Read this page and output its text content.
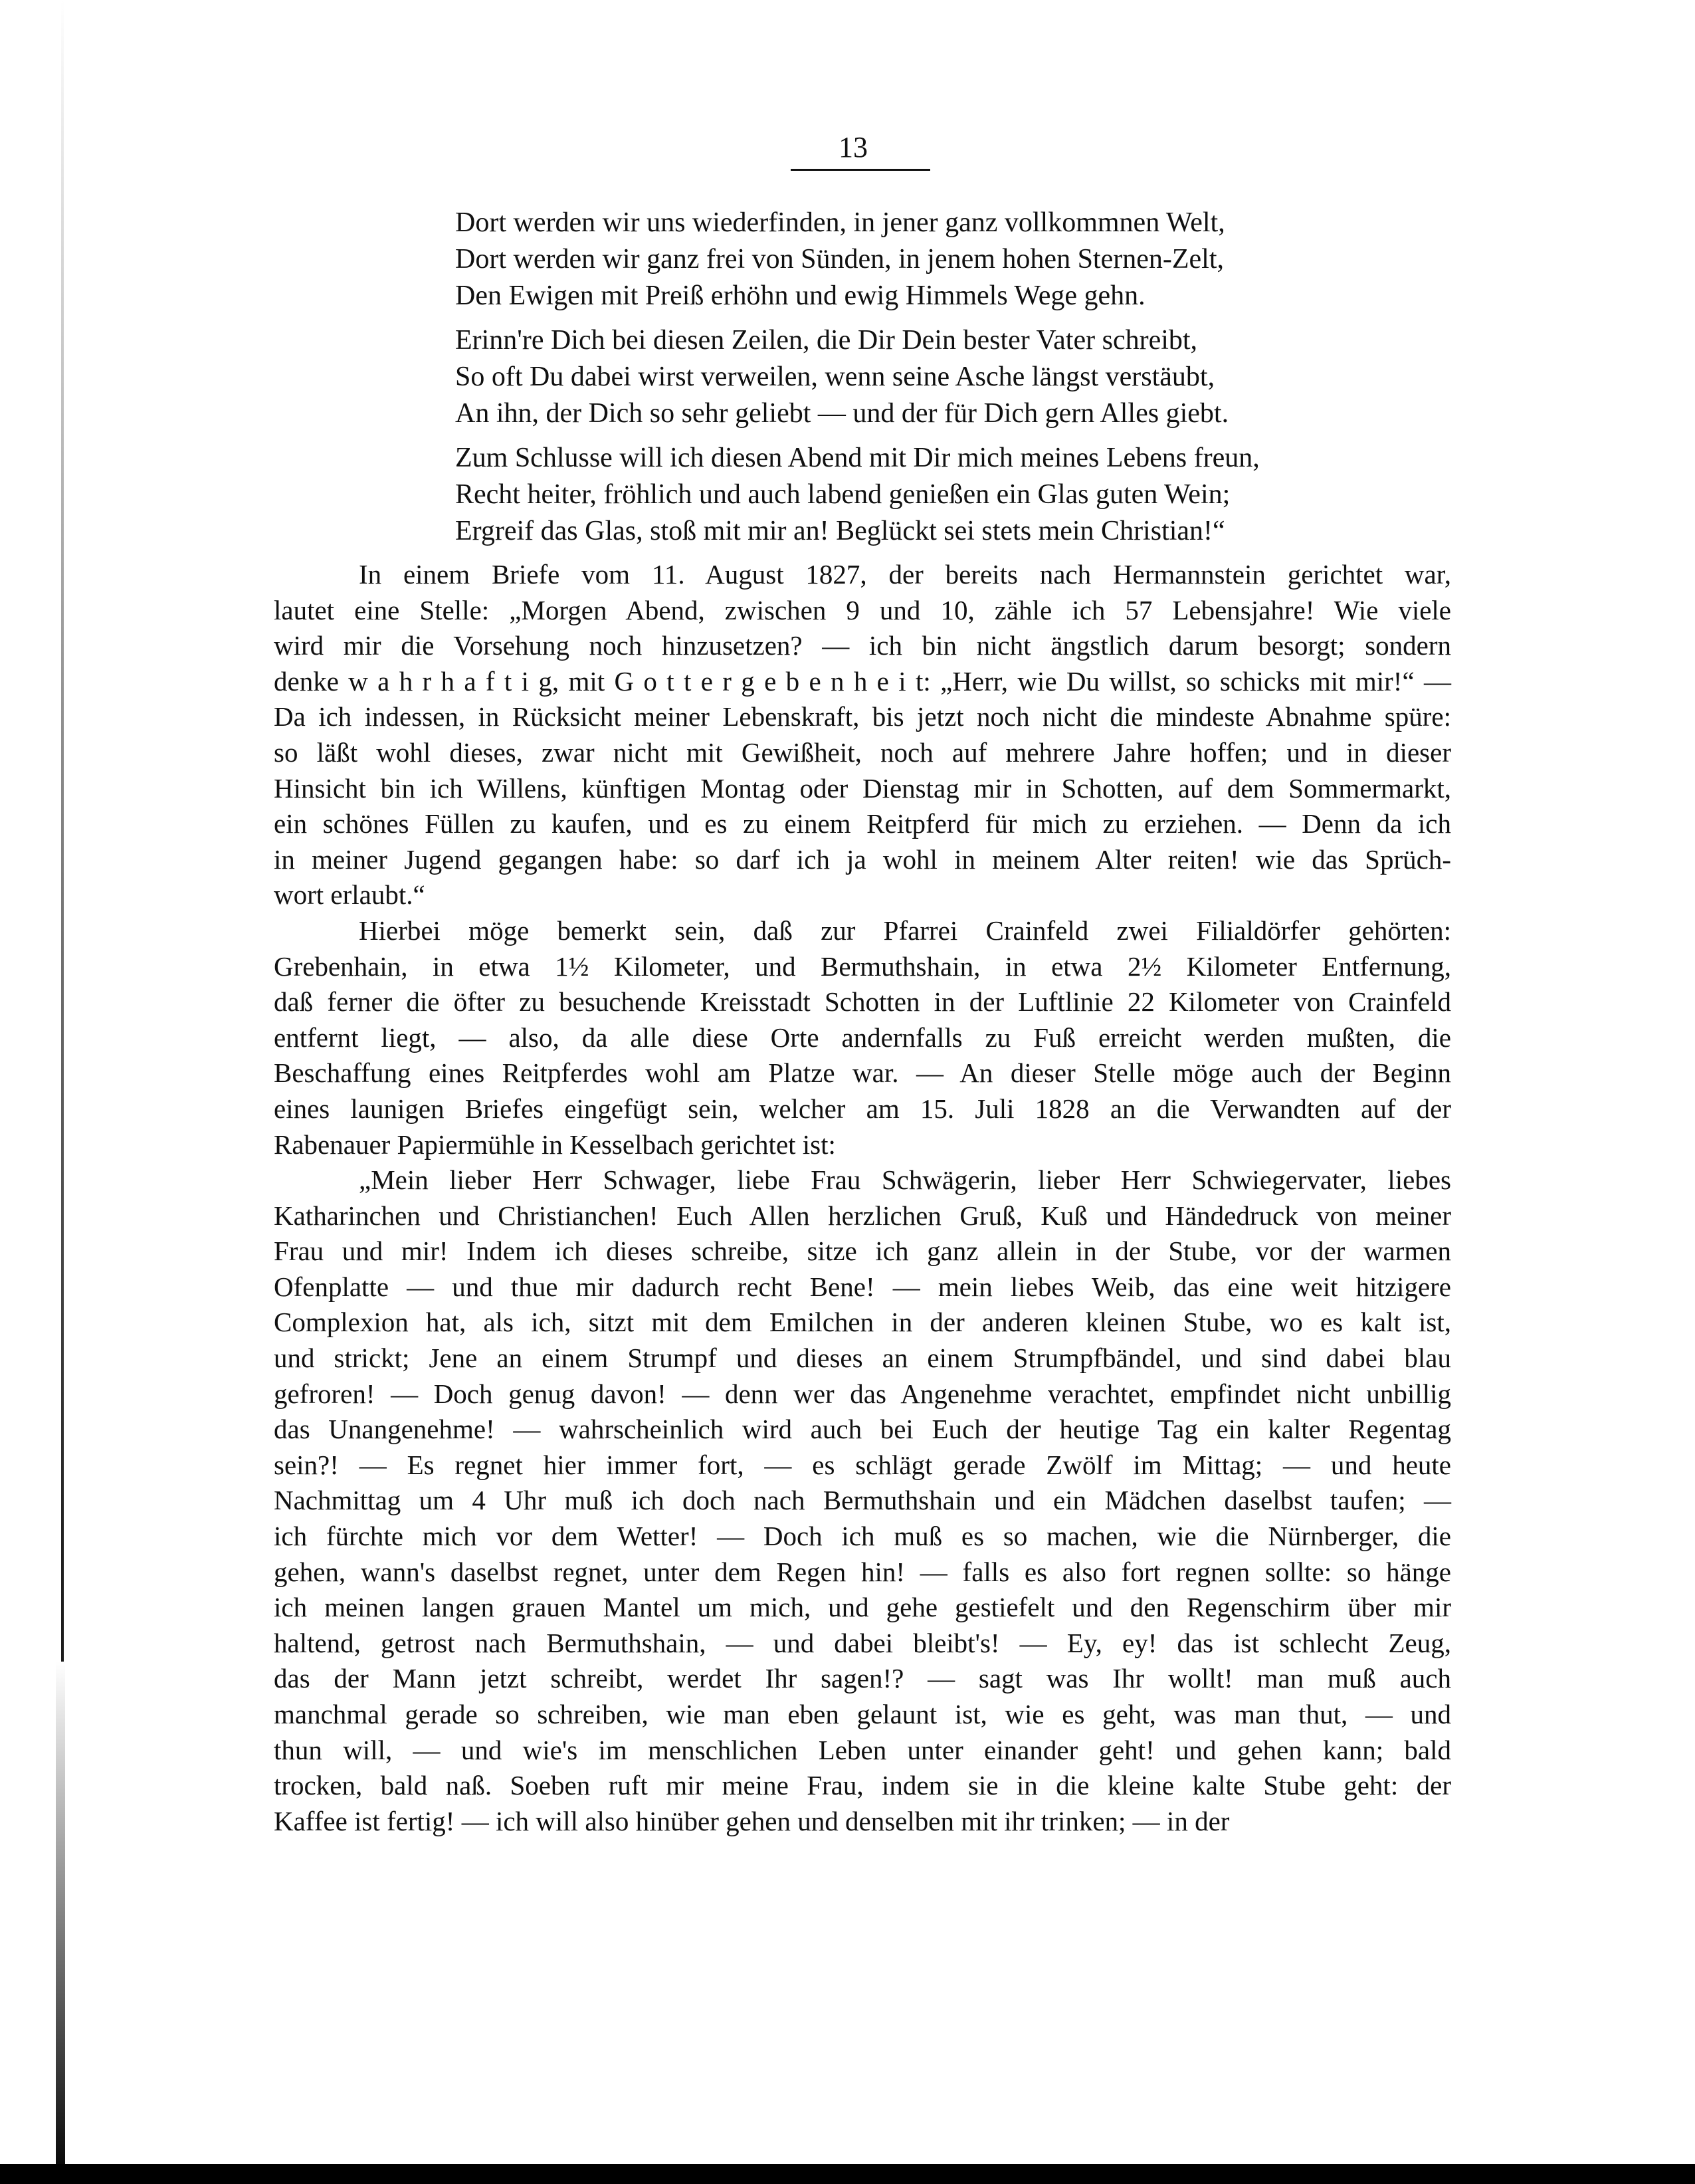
13
Dort werden wir uns wiederfinden, in jener ganz vollkommnen Welt,
Dort werden wir ganz frei von Sünden, in jenem hohen Sternen-Zelt,
Den Ewigen mit Preiß erhöhn und ewig Himmels Wege gehn.
Erinn're Dich bei diesen Zeilen, die Dir Dein bester Vater schreibt,
So oft Du dabei wirst verweilen, wenn seine Asche längst verstäubt,
An ihn, der Dich so sehr geliebt — und der für Dich gern Alles giebt.
Zum Schlusse will ich diesen Abend mit Dir mich meines Lebens freun,
Recht heiter, fröhlich und auch labend genießen ein Glas guten Wein;
Ergreif das Glas, stoß mit mir an! Beglückt sei stets mein Christian!“
In einem Briefe vom 11. August 1827, der bereits nach Hermannstein gerichtet war,
lautet eine Stelle: „Morgen Abend, zwischen 9 und 10, zähle ich 57 Lebensjahre! Wie viele
wird mir die Vorsehung noch hinzusetzen? — ich bin nicht ängstlich darum besorgt; sondern
denke w a h r h a f t i g, mit G o t t e r g e b e n h e i t: „Herr, wie Du willst, so schicks mit mir!“ —
Da ich indessen, in Rücksicht meiner Lebenskraft, bis jetzt noch nicht die mindeste Abnahme spüre:
so läßt wohl dieses, zwar nicht mit Gewißheit, noch auf mehrere Jahre hoffen; und in dieser
Hinsicht bin ich Willens, künftigen Montag oder Dienstag mir in Schotten, auf dem Sommermarkt,
ein schönes Füllen zu kaufen, und es zu einem Reitpferd für mich zu erziehen. — Denn da ich
in meiner Jugend gegangen habe: so darf ich ja wohl in meinem Alter reiten! wie das Sprüch-
wort erlaubt.“
Hierbei möge bemerkt sein, daß zur Pfarrei Crainfeld zwei Filialdörfer gehörten:
Grebenhain, in etwa 1½ Kilometer, und Bermuthshain, in etwa 2½ Kilometer Entfernung,
daß ferner die öfter zu besuchende Kreisstadt Schotten in der Luftlinie 22 Kilometer von Crainfeld
entfernt liegt, — also, da alle diese Orte andernfalls zu Fuß erreicht werden mußten, die
Beschaffung eines Reitpferdes wohl am Platze war. — An dieser Stelle möge auch der Beginn
eines launigen Briefes eingefügt sein, welcher am 15. Juli 1828 an die Verwandten auf der
Rabenauer Papiermühle in Kesselbach gerichtet ist:
„Mein lieber Herr Schwager, liebe Frau Schwägerin, lieber Herr Schwiegervater, liebes
Katharinchen und Christianchen! Euch Allen herzlichen Gruß, Kuß und Händedruck von meiner
Frau und mir! Indem ich dieses schreibe, sitze ich ganz allein in der Stube, vor der warmen
Ofenplatte — und thue mir dadurch recht Bene! — mein liebes Weib, das eine weit hitzigere
Complexion hat, als ich, sitzt mit dem Emilchen in der anderen kleinen Stube, wo es kalt ist,
und strickt; Jene an einem Strumpf und dieses an einem Strumpfbändel, und sind dabei blau
gefroren! — Doch genug davon! — denn wer das Angenehme verachtet, empfindet nicht unbillig
das Unangenehme! — wahrscheinlich wird auch bei Euch der heutige Tag ein kalter Regentag
sein?! — Es regnet hier immer fort, — es schlägt gerade Zwölf im Mittag; — und heute
Nachmittag um 4 Uhr muß ich doch nach Bermuthshain und ein Mädchen daselbst taufen; —
ich fürchte mich vor dem Wetter! — Doch ich muß es so machen, wie die Nürnberger, die
gehen, wann's daselbst regnet, unter dem Regen hin! — falls es also fort regnen sollte: so hänge
ich meinen langen grauen Mantel um mich, und gehe gestiefelt und den Regenschirm über mir
haltend, getrost nach Bermuthshain, — und dabei bleibt's! — Ey, ey! das ist schlecht Zeug,
das der Mann jetzt schreibt, werdet Ihr sagen!? — sagt was Ihr wollt! man muß auch
manchmal gerade so schreiben, wie man eben gelaunt ist, wie es geht, was man thut, — und
thun will, — und wie's im menschlichen Leben unter einander geht! und gehen kann; bald
trocken, bald naß. Soeben ruft mir meine Frau, indem sie in die kleine kalte Stube geht: der
Kaffee ist fertig! — ich will also hinüber gehen und denselben mit ihr trinken; — in der
